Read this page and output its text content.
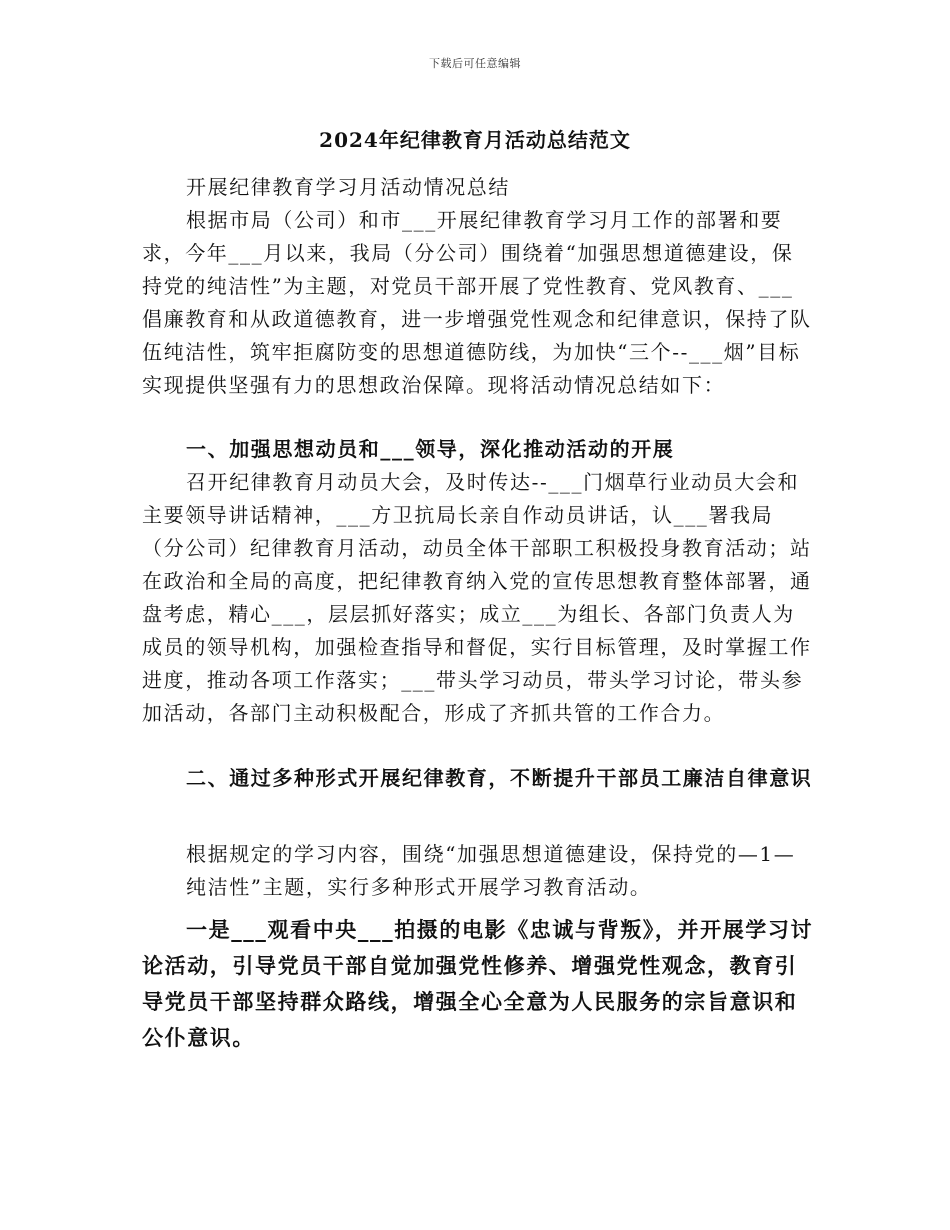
下载后可任意编辑
2024年纪律教育月活动总结范文
开展纪律教育学习月活动情况总结
根据市局（公司）和市___开展纪律教育学习月工作的部署和要求，今年___月以来，我局（分公司）围绕着“加强思想道德建设，保持党的纯洁性”为主题，对党员干部开展了党性教育、党风教育、___倡廉教育和从政道德教育，进一步增强党性观念和纪律意识，保持了队伍纯洁性，筑牢拒腐防变的思想道德防线，为加快“三个--___烟”目标实现提供坚强有力的思想政治保障。现将活动情况总结如下：
一、加强思想动员和___领导，深化推动活动的开展
召开纪律教育月动员大会，及时传达--___门烟草行业动员大会和主要领导讲话精神，___方卫抗局长亲自作动员讲话，认___署我局（分公司）纪律教育月活动，动员全体干部职工积极投身教育活动；站在政治和全局的高度，把纪律教育纳入党的宣传思想教育整体部署，通盘考虑，精心___，层层抓好落实；成立___为组长、各部门负责人为成员的领导机构，加强检查指导和督促，实行目标管理，及时掌握工作进度，推动各项工作落实；___带头学习动员，带头学习讨论，带头参加活动，各部门主动积极配合，形成了齐抓共管的工作合力。
二、通过多种形式开展纪律教育，不断提升干部员工廉洁自律意识
根据规定的学习内容，围绕“加强思想道德建设，保持党的—1—
纯洁性”主题，实行多种形式开展学习教育活动。
一是___观看中央___拍摄的电影《忠诚与背叛》，并开展学习讨论活动，引导党员干部自觉加强党性修养、增强党性观念，教育引导党员干部坚持群众路线，增强全心全意为人民服务的宗旨意识和公仆意识。
